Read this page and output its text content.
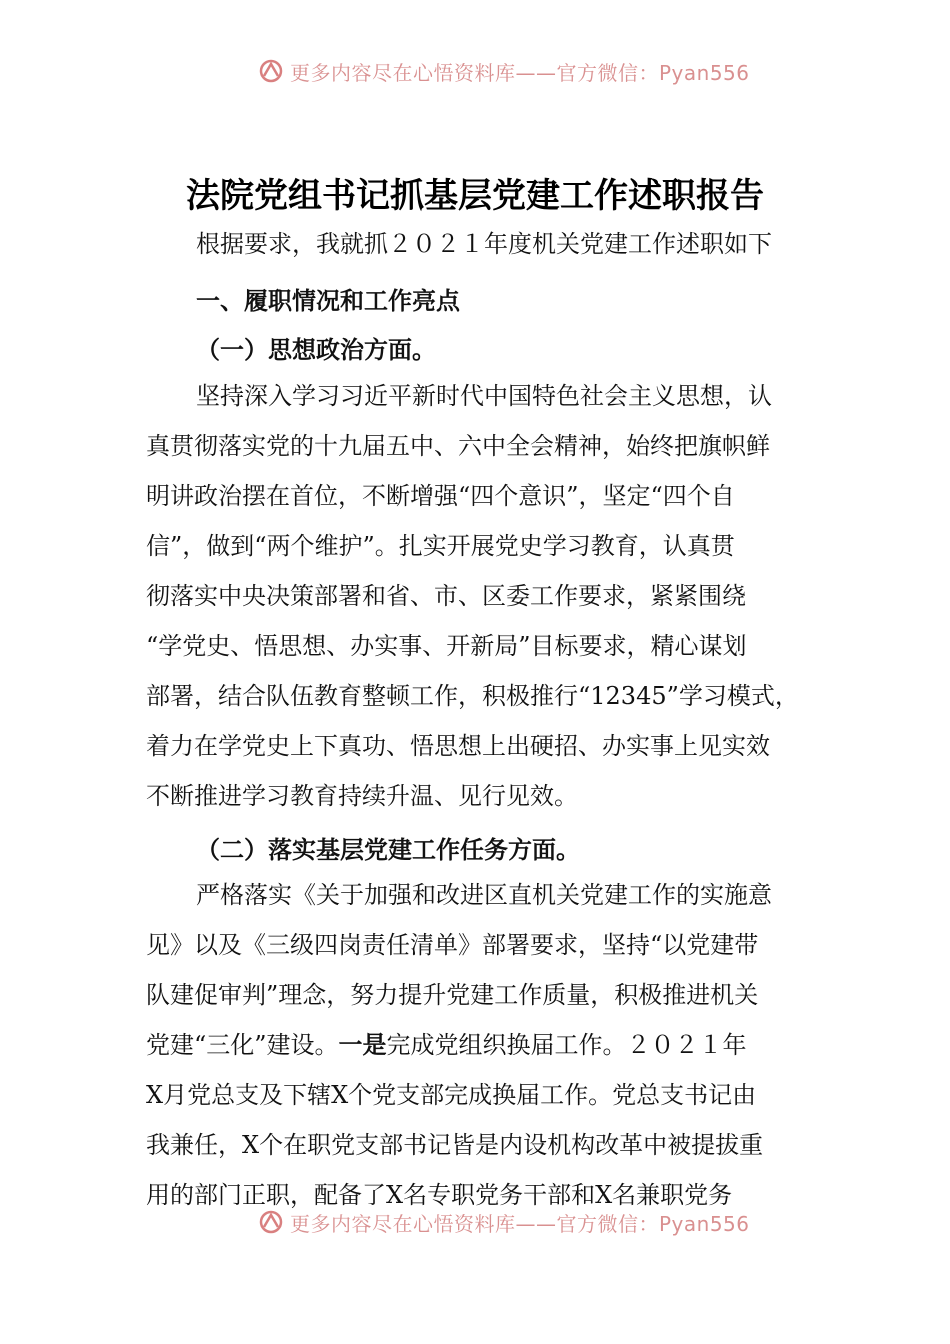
更多内容尽在心悟资料库——官方微信：Pyan556
法院党组书记抓基层党建工作述职报告
根据要求，我就抓２０２１年度机关党建工作述职如下
一、履职情况和工作亮点
（一）思想政治方面。
坚持深入学习习近平新时代中国特色社会主义思想，认
真贯彻落实党的十九届五中、六中全会精神，始终把旗帜鲜
明讲政治摆在首位，不断增强“四个意识”，坚定“四个自
信”，做到“两个维护”。扎实开展党史学习教育，认真贯
彻落实中央决策部署和省、市、区委工作要求，紧紧围绕
“学党史、悟思想、办实事、开新局”目标要求，精心谋划
部署，结合队伍教育整顿工作，积极推行“12345”学习模式，
着力在学党史上下真功、悟思想上出硬招、办实事上见实效
不断推进学习教育持续升温、见行见效。
（二）落实基层党建工作任务方面。
严格落实《关于加强和改进区直机关党建工作的实施意
见》以及《三级四岗责任清单》部署要求，坚持“以党建带
队建促审判”理念，努力提升党建工作质量，积极推进机关
党建“三化”建设。一是完成党组织换届工作。２０２１年
X月党总支及下辖X个党支部完成换届工作。党总支书记由
我兼任，X个在职党支部书记皆是内设机构改革中被提拔重
用的部门正职，配备了X名专职党务干部和X名兼职党务
更多内容尽在心悟资料库——官方微信：Pyan556
